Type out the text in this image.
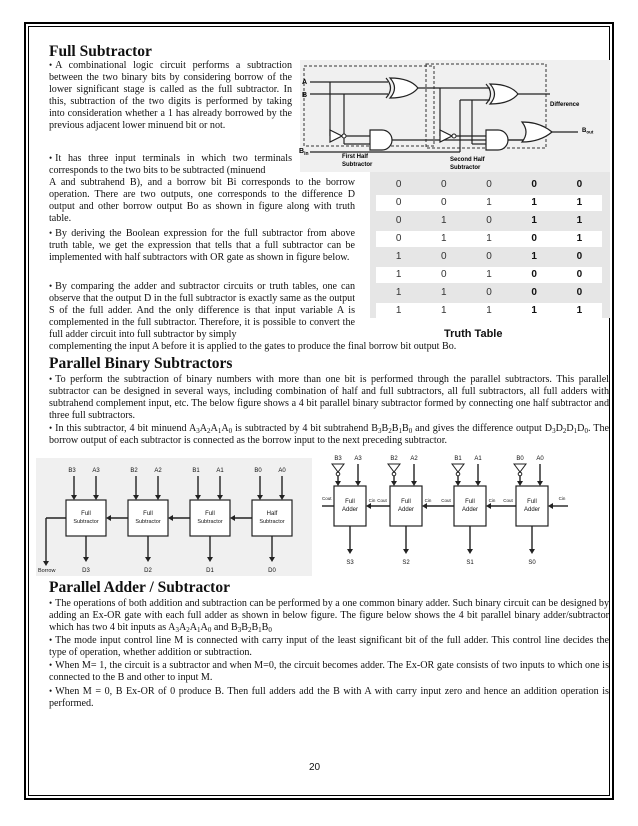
Full Subtractor

• A combinational logic circuit performs a subtraction between the two binary bits by considering borrow of the lower significant stage is called as the full subtractor. In this, subtraction of the two digits is performed by taking into consideration whether a 1 has already borrowed by the previous adjacent lower minuend bit or not.

• It has three input terminals in which two terminals corresponds to the two bits to be subtracted (minuend

A and subtrahend B), and a borrow bit Bi corresponds to the borrow operation. There are two outputs, one corresponds to the difference D output and other borrow output Bo as shown in figure along with truth table.

• By deriving the Boolean expression for the full subtractor from above truth table, we get the expression that tells that a full subtractor can be implemented with half subtractors with OR gate as shown in figure below.

• By comparing the adder and subtractor circuits or truth tables, one can observe that the output D in the full subtractor is exactly same as the output S of the full adder. And the only difference is that input variable A is complemented in the full subtractor. Therefore, it is possible to convert the full adder circuit into full subtractor by simply

complementing the input A before it is applied to the gates to produce the final borrow bit output Bo.

A
B
$B_{in}$
Difference
$B_{out}$
First Half
Subtractor
Second Half
Subtractor
0	0	0	0	0
0	0	1	1	1
0	1	0	1	1
0	1	1	0	1
1	0	0	1	0
1	0	1	0	0
1	1	0	0	0
1	1	1	1	1
Truth Table
Parallel Binary Subtractors

• To perform the subtraction of binary numbers with more than one bit is performed through the parallel subtractors. This parallel subtractor can be designed in several ways, including combination of half and full subtractors, all full subtractors, all full adders with subtrahend complement input, etc. The below figure shows a 4 bit parallel binary subtractor formed by connecting one half subtractor and three full subtractors.

• In this subtractor, 4 bit minuend $A_3A_2A_1A_0$ is subtracted by 4 bit subtrahend $B_3B_2B_1B_0$ and gives the difference output $D_3D_2D_1D_0$. The borrow output of each subtractor is connected as the borrow input to the next preceding subtractor.

B3	A3
Full
Subtractor
D3
B2	A2
Full
Subtractor
D2
B1	A1
Full
Subtractor
D1
B0	A0
Half
Subtractor
D0
Borrow
B3 A3
Full
Adder
S3
B2 A2
Full
Adder
S2
Cin Cout
B1 A1
Full
Adder
S1
Cin Cout
B0 A0
Full
Adder
S0
Cin Cout
Cout	Cin
Parallel Adder / Subtractor

• The operations of both addition and subtraction can be performed by a one common binary adder. Such binary circuit can be designed by adding an Ex-OR gate with each full adder as shown in below figure. The figure below shows the 4 bit parallel binary adder/subtractor which has two 4 bit inputs as $A_3A_2A_1A_0$ and $B_3B_2B_1B_0$

• The mode input control line M is connected with carry input of the least significant bit of the full adder. This control line decides the type of operation, whether addition or subtraction.

• When M= 1, the circuit is a subtractor and when M=0, the circuit becomes adder. The Ex-OR gate consists of two inputs to which one is connected to the B and other to input M.

• When M = 0, B Ex-OR of 0 produce B. Then full adders add the B with A with carry input zero and hence an addition operation is performed.

20
